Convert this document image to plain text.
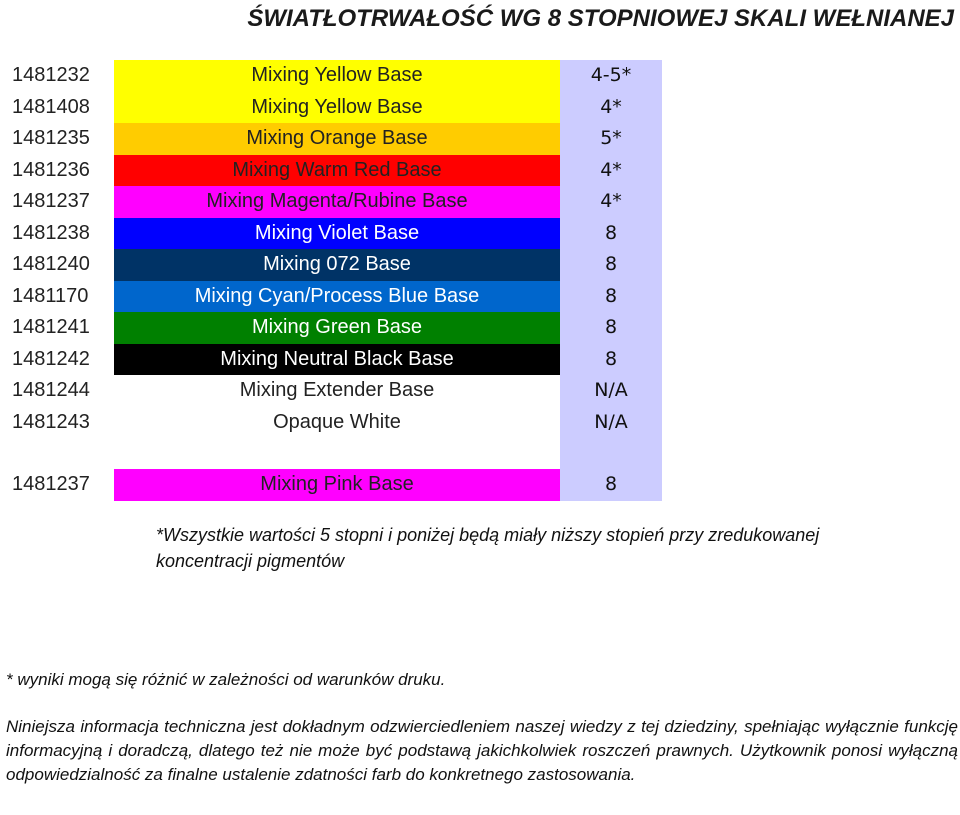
ŚWIATŁOTRWAŁOŚĆ WG 8 STOPNIOWEJ SKALI WEŁNIANEJ
1481232	Mixing Yellow Base	4-5*
1481408	Mixing Yellow Base	4*
1481235	Mixing Orange Base	5*
1481236	Mixing Warm Red Base	4*
1481237	Mixing Magenta/Rubine Base	4*
1481238	Mixing Violet Base	8
1481240	Mixing 072 Base	8
1481170	Mixing Cyan/Process Blue Base	8
1481241	Mixing Green Base	8
1481242	Mixing Neutral Black Base	8
1481244	Mixing Extender Base	N/A
1481243	Opaque White	N/A
1481237	Mixing Pink Base	8
*Wszystkie wartości 5 stopni i poniżej będą miały niższy stopień przy zredukowanej koncentracji pigmentów
* wyniki mogą się różnić w zależności od warunków druku.
Niniejsza informacja techniczna jest dokładnym odzwierciedleniem naszej wiedzy z tej dziedziny, spełniając wyłącznie funkcję informacyjną i doradczą, dlatego też nie może być podstawą jakichkolwiek roszczeń prawnych. Użytkownik ponosi wyłączną odpowiedzialność za finalne ustalenie zdatności farb do konkretnego zastosowania.
